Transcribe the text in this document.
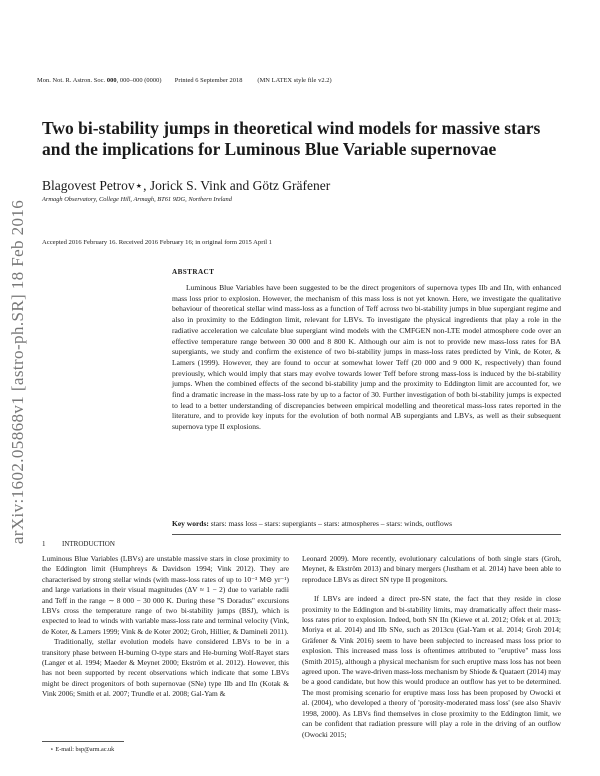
Mon. Not. R. Astron. Soc. 000, 000–000 (0000) Printed 6 September 2018 (MN LATEX style file v2.2)
arXiv:1602.05868v1 [astro-ph.SR] 18 Feb 2016
Two bi-stability jumps in theoretical wind models for massive stars and the implications for Luminous Blue Variable supernovae
Blagovest Petrov⋆, Jorick S. Vink and Götz Gräfener
Armagh Observatory, College Hill, Armagh, BT61 9DG, Northern Ireland
Accepted 2016 February 16. Received 2016 February 16; in original form 2015 April 1
ABSTRACT

Luminous Blue Variables have been suggested to be the direct progenitors of supernova types IIb and IIn, with enhanced mass loss prior to explosion. However, the mechanism of this mass loss is not yet known. Here, we investigate the qualitative behaviour of theoretical stellar wind mass-loss as a function of Teff across two bi-stability jumps in blue supergiant regime and also in proximity to the Eddington limit, relevant for LBVs. To investigate the physical ingredients that play a role in the radiative acceleration we calculate blue supergiant wind models with the CMFGEN non-LTE model atmosphere code over an effective temperature range between 30 000 and 8 800 K. Although our aim is not to provide new mass-loss rates for BA supergiants, we study and confirm the existence of two bi-stability jumps in mass-loss rates predicted by Vink, de Koter, & Lamers (1999). However, they are found to occur at somewhat lower Teff (20 000 and 9 000 K, respectively) than found previously, which would imply that stars may evolve towards lower Teff before strong mass-loss is induced by the bi-stability jumps. When the combined effects of the second bi-stability jump and the proximity to Eddington limit are accounted for, we find a dramatic increase in the mass-loss rate by up to a factor of 30. Further investigation of both bi-stability jumps is expected to lead to a better understanding of discrepancies between empirical modelling and theoretical mass-loss rates reported in the literature, and to provide key inputs for the evolution of both normal AB supergiants and LBVs, as well as their subsequent supernova type II explosions.

Key words: stars: mass loss – stars: supergiants – stars: atmospheres – stars: winds, outflows
1 INTRODUCTION

Luminous Blue Variables (LBVs) are unstable massive stars in close proximity to the Eddington limit (Humphreys & Davidson 1994; Vink 2012). They are characterised by strong stellar winds (with mass-loss rates of up to 10⁻³ M⊙ yr⁻¹) and large variations in their visual magnitudes (ΔV ≈ 1 − 2) due to variable radii and Teff in the range ∼ 8 000 − 30 000 K. During these "S Doradus" excursions LBVs cross the temperature range of two bi-stability jumps (BSJ), which is expected to lead to winds with variable mass-loss rate and terminal velocity (Vink, de Koter, & Lamers 1999; Vink & de Koter 2002; Groh, Hillier, & Damineli 2011).

Traditionally, stellar evolution models have considered LBVs to be in a transitory phase between H-burning O-type stars and He-burning Wolf-Rayet stars (Langer et al. 1994; Maeder & Meynet 2000; Ekström et al. 2012). However, this has not been supported by recent observations which indicate that some LBVs might be direct progenitors of both supernovae (SNe) type IIb and IIn (Kotak & Vink 2006; Smith et al. 2007; Trundle et al. 2008; Gal-Yam &

Leonard 2009). More recently, evolutionary calculations of both single stars (Groh, Meynet, & Ekström 2013) and binary mergers (Justham et al. 2014) have been able to reproduce LBVs as direct SN type II progenitors.

If LBVs are indeed a direct pre-SN state, the fact that they reside in close proximity to the Eddington and bi-stability limits, may dramatically affect their mass-loss rates prior to explosion. Indeed, both SN IIn (Kiewe et al. 2012; Ofek et al. 2013; Moriya et al. 2014) and IIb SNe, such as 2013cu (Gal-Yam et al. 2014; Groh 2014; Gräfener & Vink 2016) seem to have been subjected to increased mass loss prior to explosion. This increased mass loss is oftentimes attributed to "eruptive" mass loss (Smith 2015), although a physical mechanism for such eruptive mass loss has not been agreed upon. The wave-driven mass-loss mechanism by Shiode & Quataert (2014) may be a good candidate, but how this would produce an outflow has yet to be determined. The most promising scenario for eruptive mass loss has been proposed by Owocki et al. (2004), who developed a theory of 'porosity-moderated mass loss' (see also Shaviv 1998, 2000). As LBVs find themselves in close proximity to the Eddington limit, we can be confident that radiation pressure will play a role in the driving of an outflow (Owocki 2015;

⋆ E-mail: bsp@arm.ac.uk
